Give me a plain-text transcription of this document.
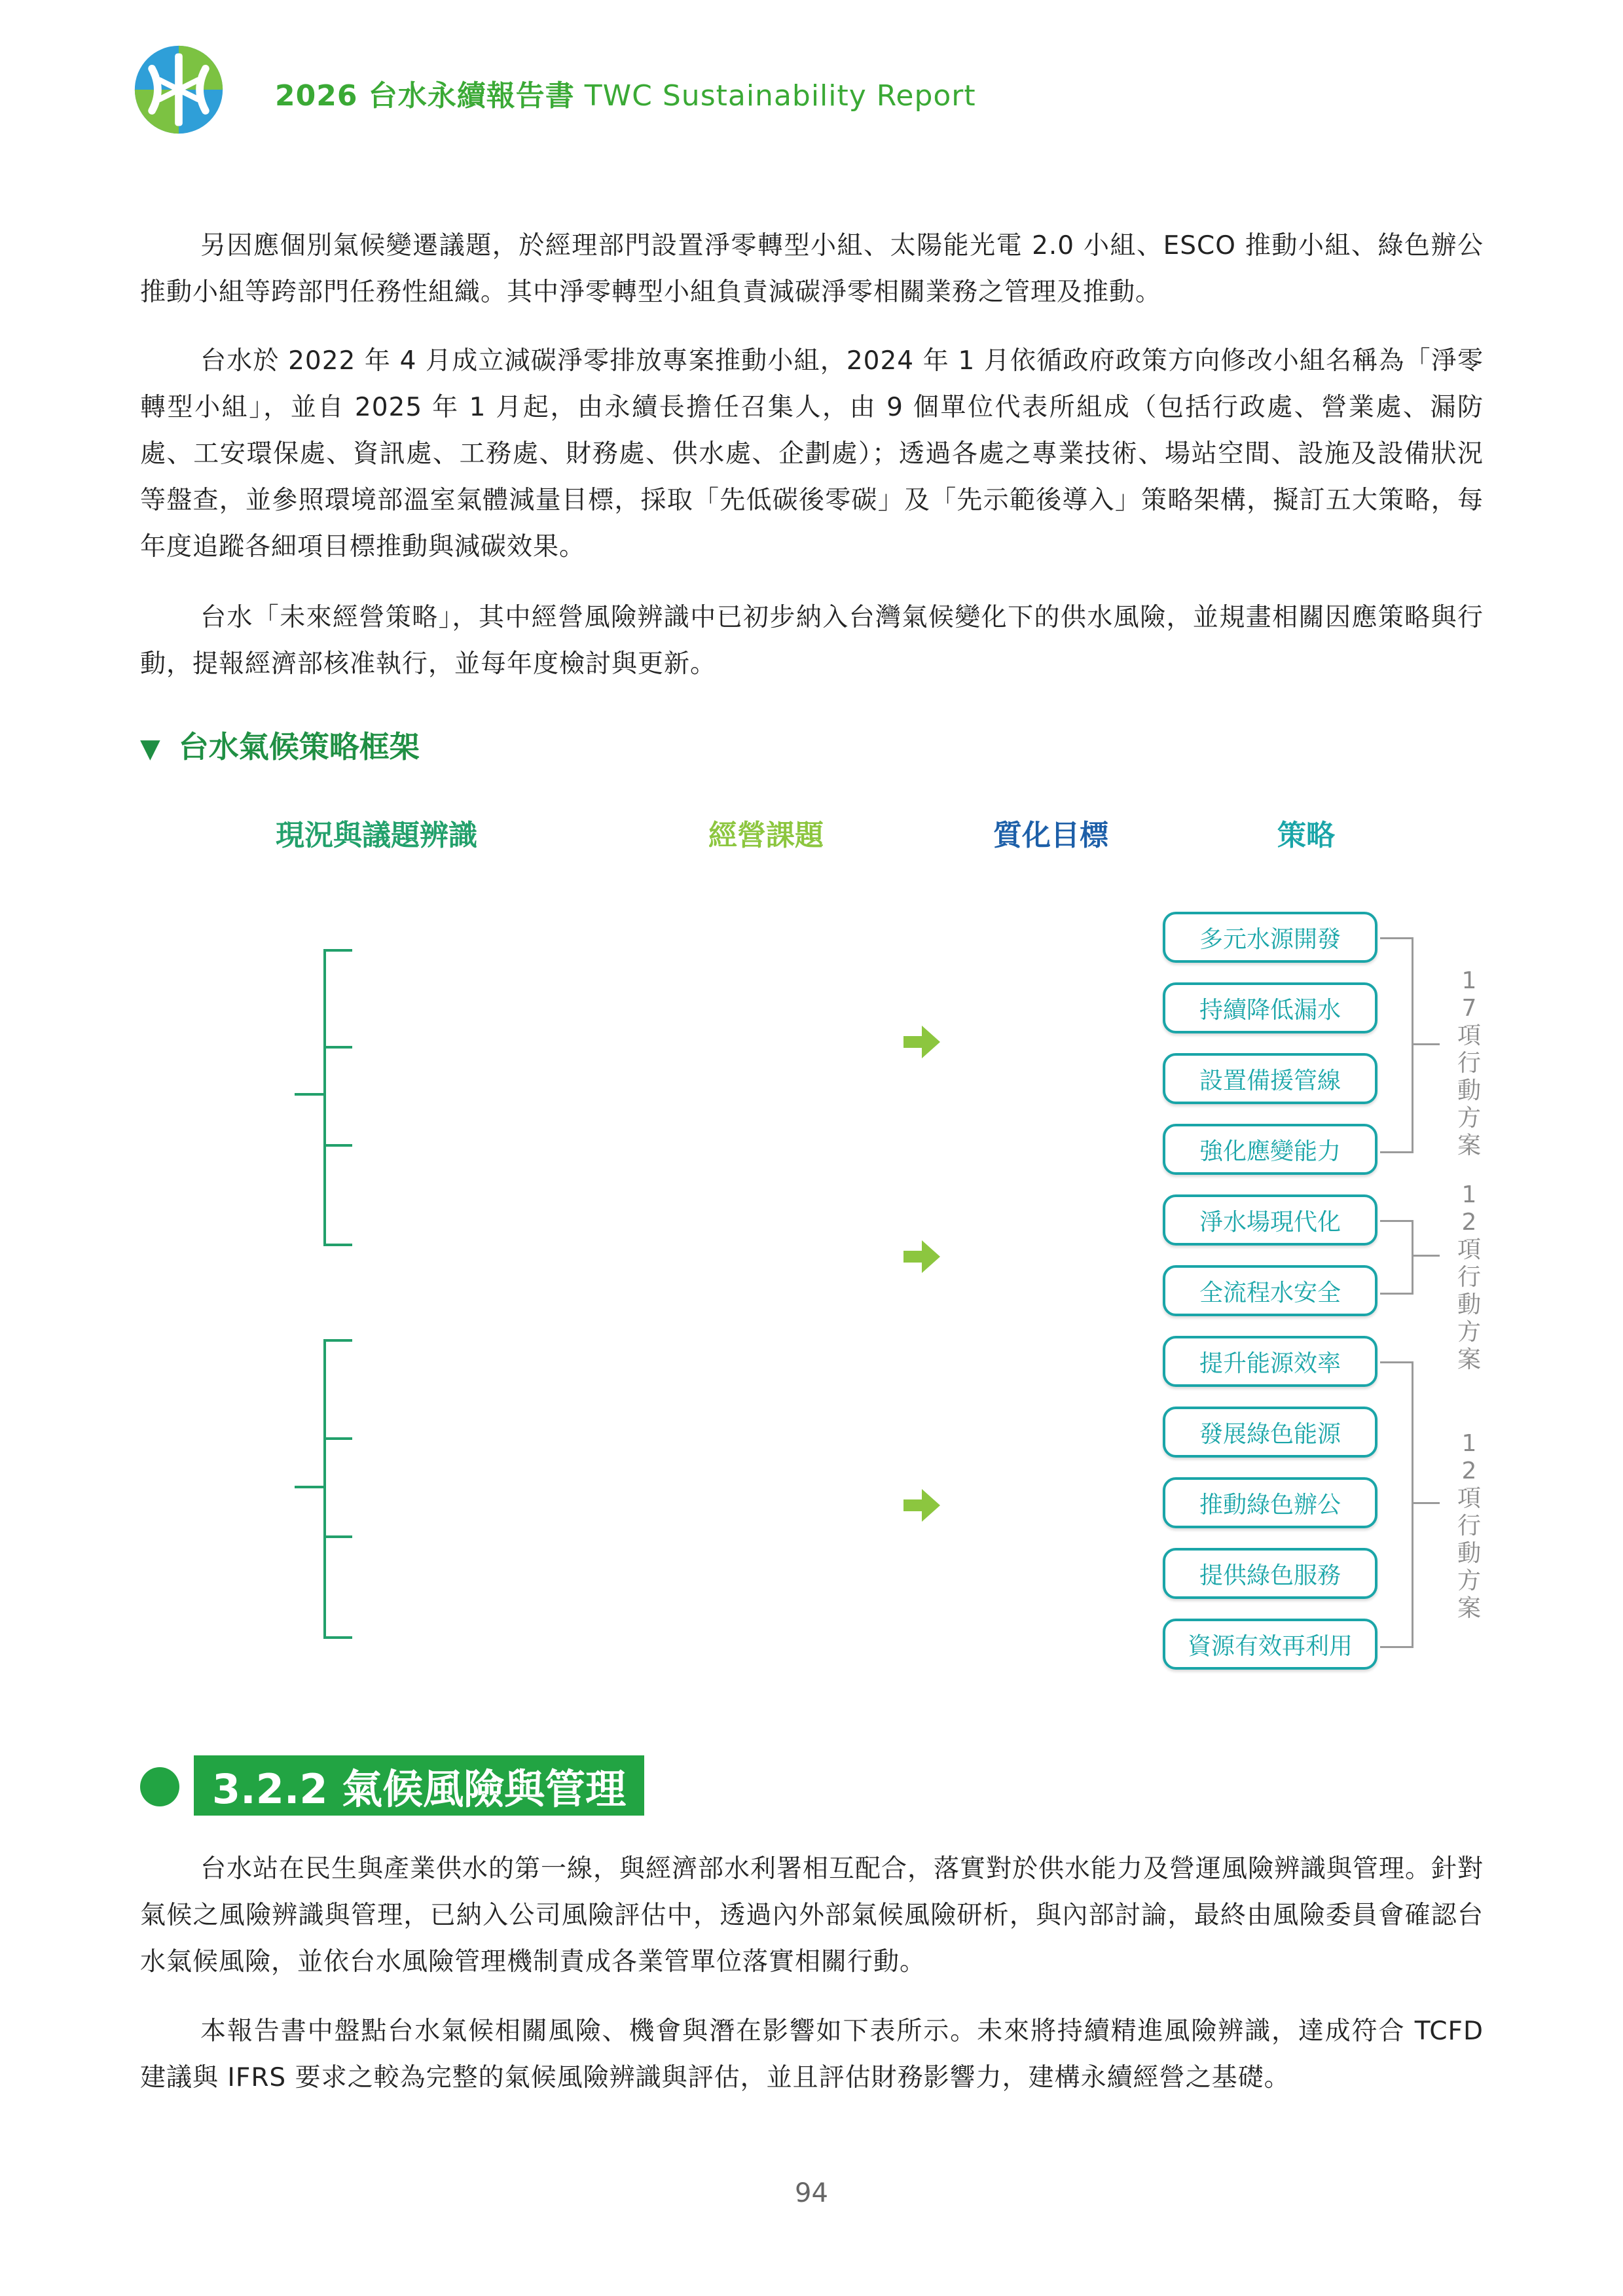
2026 台水永續報告書 TWC Sustainability Report

另因應個別氣候變遷議題，於經理部門設置淨零轉型小組、太陽能光電 2.0 小組、ESCO 推動小組、綠色辦公推動小組等跨部門任務性組織。其中淨零轉型小組負責減碳淨零相關業務之管理及推動。

台水於 2022 年 4 月成立減碳淨零排放專案推動小組，2024 年 1 月依循政府政策方向修改小組名稱為「淨零轉型小組」，並自 2025 年 1 月起，由永續長擔任召集人，由 9 個單位代表所組成（包括行政處、營業處、漏防處、工安環保處、資訊處、工務處、財務處、供水處、企劃處）；透過各處之專業技術、場站空間、設施及設備狀況等盤查，並參照環境部溫室氣體減量目標，採取「先低碳後零碳」及「先示範後導入」策略架構，擬訂五大策略，每年度追蹤各細項目標推動與減碳效果。

台水「未來經營策略」，其中經營風險辨識中已初步納入台灣氣候變化下的供水風險，並規畫相關因應策略與行動，提報經濟部核准執行，並每年度檢討與更新。

▼ 台水氣候策略框架
現況與議題辨識	經營課題	質化目標	策略
多元水源開發
持續降低漏水
設置備援管線
強化應變能力
淨水場現代化
全流程水安全
提升能源效率
發展綠色能源
推動綠色辦公
提供綠色服務
資源有效再利用
17項行動方案
12項行動方案
12項行動方案
3.2.2 氣候風險與管理

台水站在民生與產業供水的第一線，與經濟部水利署相互配合，落實對於供水能力及營運風險辨識與管理。針對氣候之風險辨識與管理，已納入公司風險評估中，透過內外部氣候風險研析，與內部討論，最終由風險委員會確認台水氣候風險，並依台水風險管理機制責成各業管單位落實相關行動。

本報告書中盤點台水氣候相關風險、機會與潛在影響如下表所示。未來將持續精進風險辨識，達成符合 TCFD 建議與 IFRS 要求之較為完整的氣候風險辨識與評估，並且評估財務影響力，建構永續經營之基礎。

94
